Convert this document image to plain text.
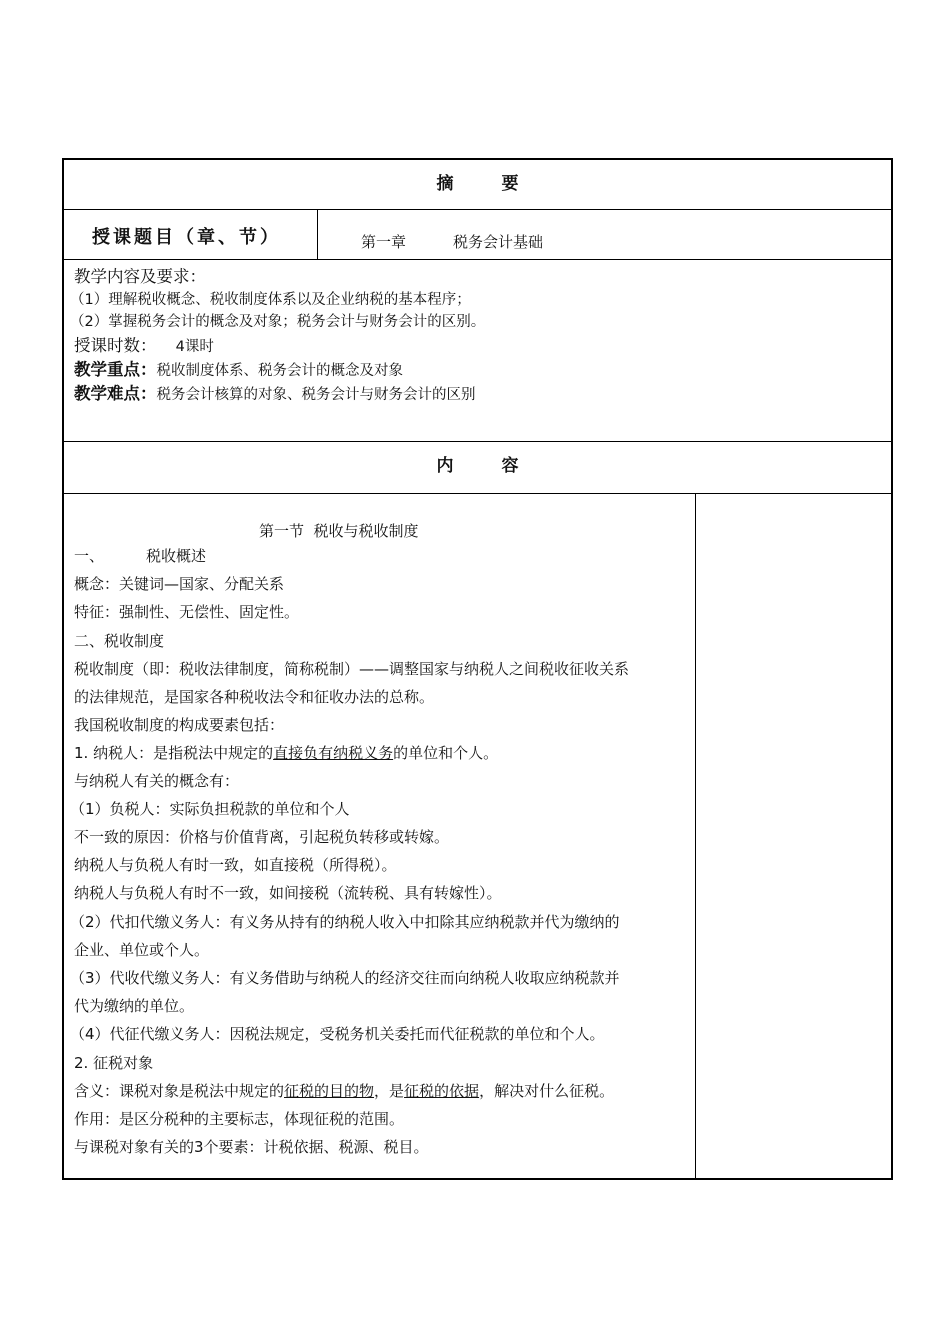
摘	要
授课题目（章、节）	第一章	税务会计基础
教学内容及要求：
（1）理解税收概念、税收制度体系以及企业纳税的基本程序；
（2）掌握税务会计的概念及对象；税务会计与财务会计的区别。
授课时数： 4课时
教学重点：税收制度体系、税务会计的概念及对象
教学难点：税务会计核算的对象、税务会计与财务会计的区别
内	容
第一节  税收与税收制度
一、	税收概述
概念：关键词—国家、分配关系
特征：强制性、无偿性、固定性。
二、税收制度
税收制度（即：税收法律制度，简称税制）——调整国家与纳税人之间税收征收关系
的法律规范，是国家各种税收法令和征收办法的总称。
我国税收制度的构成要素包括：
1. 纳税人：是指税法中规定的直接负有纳税义务的单位和个人。
与纳税人有关的概念有：
（1）负税人：实际负担税款的单位和个人
不一致的原因：价格与价值背离，引起税负转移或转嫁。
纳税人与负税人有时一致，如直接税（所得税）。
纳税人与负税人有时不一致，如间接税（流转税、具有转嫁性）。
（2）代扣代缴义务人：有义务从持有的纳税人收入中扣除其应纳税款并代为缴纳的
企业、单位或个人。
（3）代收代缴义务人：有义务借助与纳税人的经济交往而向纳税人收取应纳税款并
代为缴纳的单位。
（4）代征代缴义务人：因税法规定，受税务机关委托而代征税款的单位和个人。
2. 征税对象
含义：课税对象是税法中规定的征税的目的物，是征税的依据，解决对什么征税。
作用：是区分税种的主要标志，体现征税的范围。
与课税对象有关的3个要素：计税依据、税源、税目。
